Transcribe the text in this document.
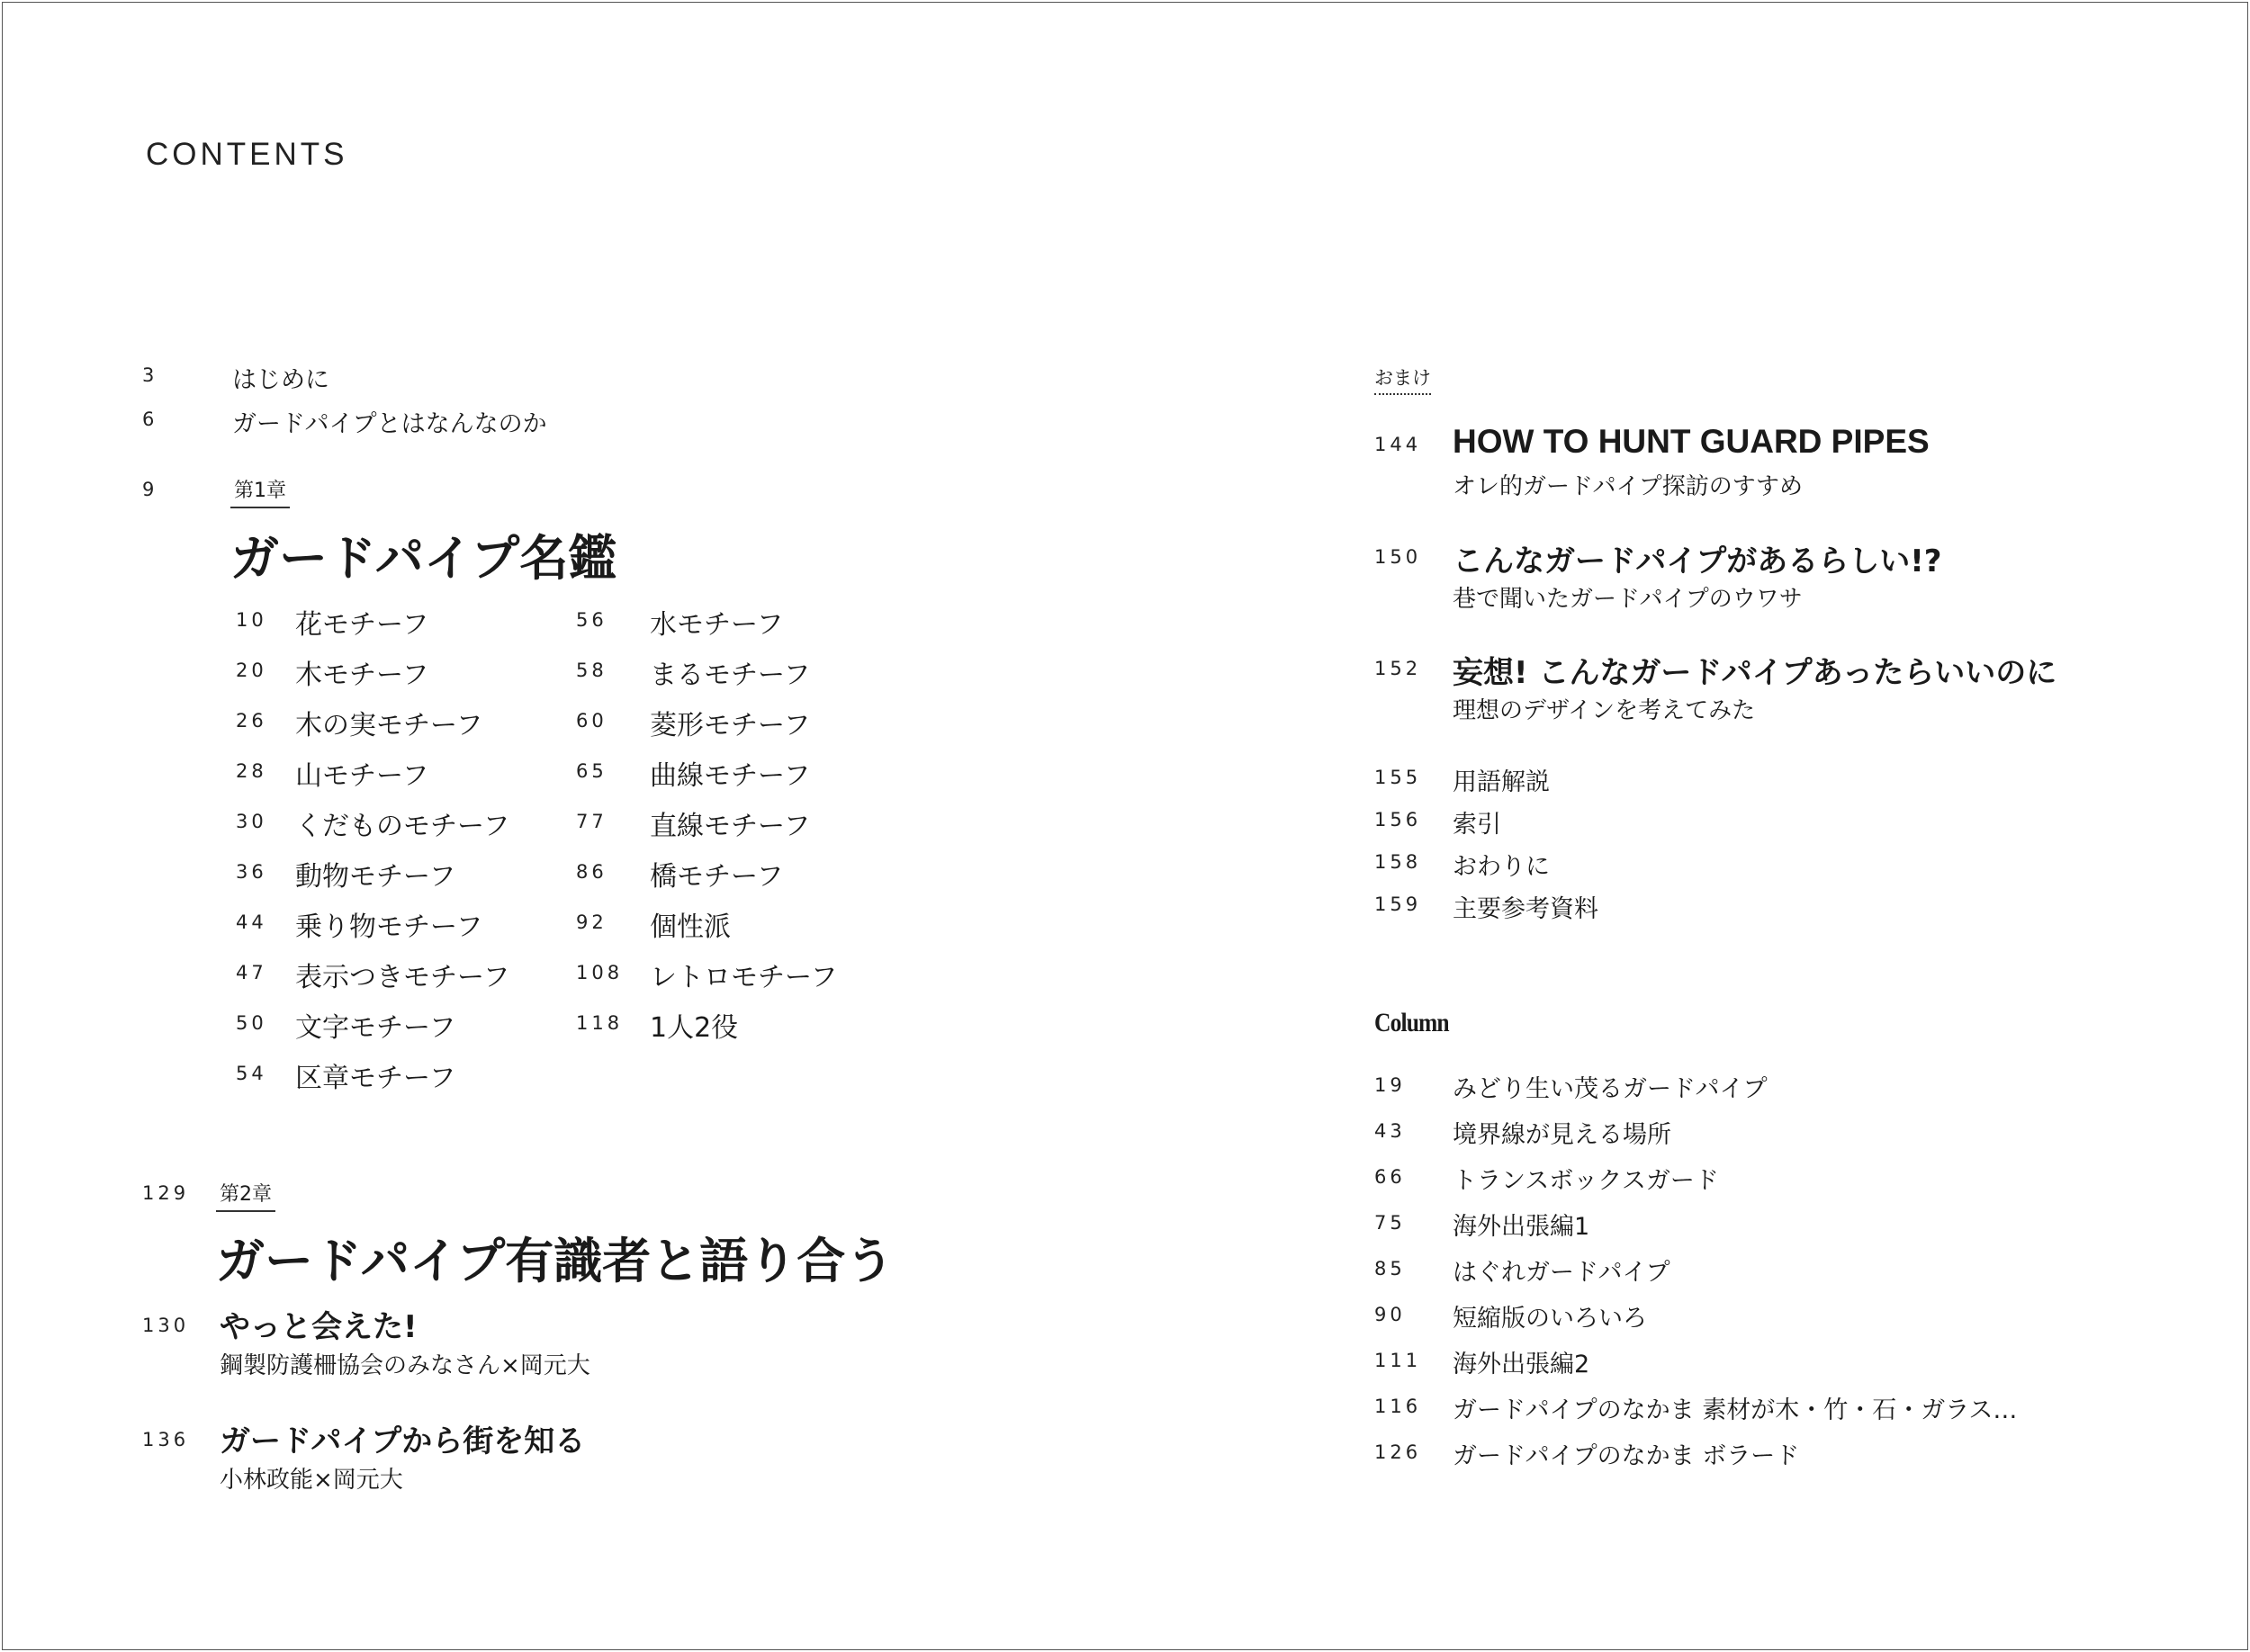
CONTENTS
3	はじめに
6	ガードパイプとはなんなのか
9	第1章
ガードパイプ名鑑
10 花モチーフ
20 木モチーフ
26 木の実モチーフ
28 山モチーフ
30 くだものモチーフ
36 動物モチーフ
44 乗り物モチーフ
47 表示つきモチーフ
50 文字モチーフ
54 区章モチーフ
56 水モチーフ
58 まるモチーフ
60 菱形モチーフ
65 曲線モチーフ
77 直線モチーフ
86 橋モチーフ
92 個性派
108 レトロモチーフ
118 1人2役
129 第2章
ガードパイプ有識者と語り合う
130 やっと会えた!
鋼製防護柵協会のみなさん×岡元大
136 ガードパイプから街を知る
小林政能×岡元大
おまけ
144 HOW TO HUNT GUARD PIPES
オレ的ガードパイプ探訪のすすめ
150 こんなガードパイプがあるらしい!?
巷で聞いたガードパイプのウワサ
152 妄想! こんなガードパイプあったらいいのに
理想のデザインを考えてみた
155 用語解説
156 索引
158 おわりに
159 主要参考資料
Column
19 みどり生い茂るガードパイプ
43 境界線が見える場所
66 トランスボックスガード
75 海外出張編1
85 はぐれガードパイプ
90 短縮版のいろいろ
111 海外出張編2
116 ガードパイプのなかま 素材が木・竹・石・ガラス…
126 ガードパイプのなかま ボラード
